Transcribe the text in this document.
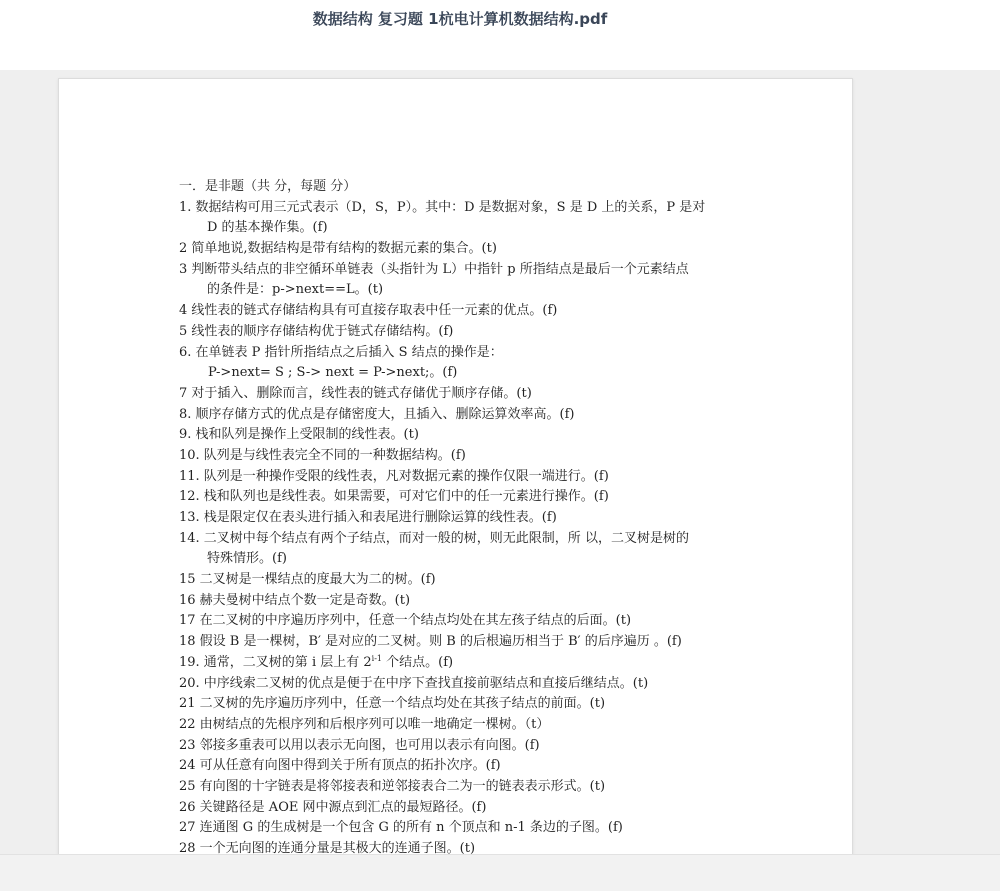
数据结构 复习题 1杭电计算机数据结构.pdf
一．是非题（共 分，每题 分）
1. 数据结构可用三元式表示（D，S，P）。其中：D 是数据对象，S 是 D 上的关系，P 是对
D 的基本操作集。(f)
2 简单地说,数据结构是带有结构的数据元素的集合。(t)
3 判断带头结点的非空循环单链表（头指针为 L）中指针 p 所指结点是最后一个元素结点
的条件是：p->next==L。(t)
4 线性表的链式存储结构具有可直接存取表中任一元素的优点。(f)
5 线性表的顺序存储结构优于链式存储结构。(f)
6. 在单链表 P 指针所指结点之后插入 S 结点的操作是：
P->next= S ; S-> next = P->next;。(f)
7 对于插入、删除而言，线性表的链式存储优于顺序存储。(t)
8. 顺序存储方式的优点是存储密度大，且插入、删除运算效率高。(f)
9. 栈和队列是操作上受限制的线性表。(t)
10. 队列是与线性表完全不同的一种数据结构。(f)
11. 队列是一种操作受限的线性表，凡对数据元素的操作仅限一端进行。(f)
12. 栈和队列也是线性表。如果需要，可对它们中的任一元素进行操作。(f)
13. 栈是限定仅在表头进行插入和表尾进行删除运算的线性表。(f)
14. 二叉树中每个结点有两个子结点，而对一般的树，则无此限制，所 以，二叉树是树的
特殊情形。(f)
15 二叉树是一棵结点的度最大为二的树。(f)
16 赫夫曼树中结点个数一定是奇数。(t)
17 在二叉树的中序遍历序列中，任意一个结点均处在其左孩子结点的后面。(t)
18 假设 B 是一棵树，B′ 是对应的二叉树。则 B 的后根遍历相当于 B′ 的后序遍历 。(f)
19. 通常，二叉树的第 i 层上有 2$^{i-1}$ 个结点。(f)
20. 中序线索二叉树的优点是便于在中序下查找直接前驱结点和直接后继结点。(t)
21 二叉树的先序遍历序列中，任意一个结点均处在其孩子结点的前面。(t)
22 由树结点的先根序列和后根序列可以唯一地确定一棵树。（t）
23 邻接多重表可以用以表示无向图，也可用以表示有向图。(f)
24 可从任意有向图中得到关于所有顶点的拓扑次序。(f)
25 有向图的十字链表是将邻接表和逆邻接表合二为一的链表表示形式。(t)
26 关键路径是 AOE 网中源点到汇点的最短路径。(f)
27 连通图 G 的生成树是一个包含 G 的所有 n 个顶点和 n-1 条边的子图。(f)
28 一个无向图的连通分量是其极大的连通子图。(t)
